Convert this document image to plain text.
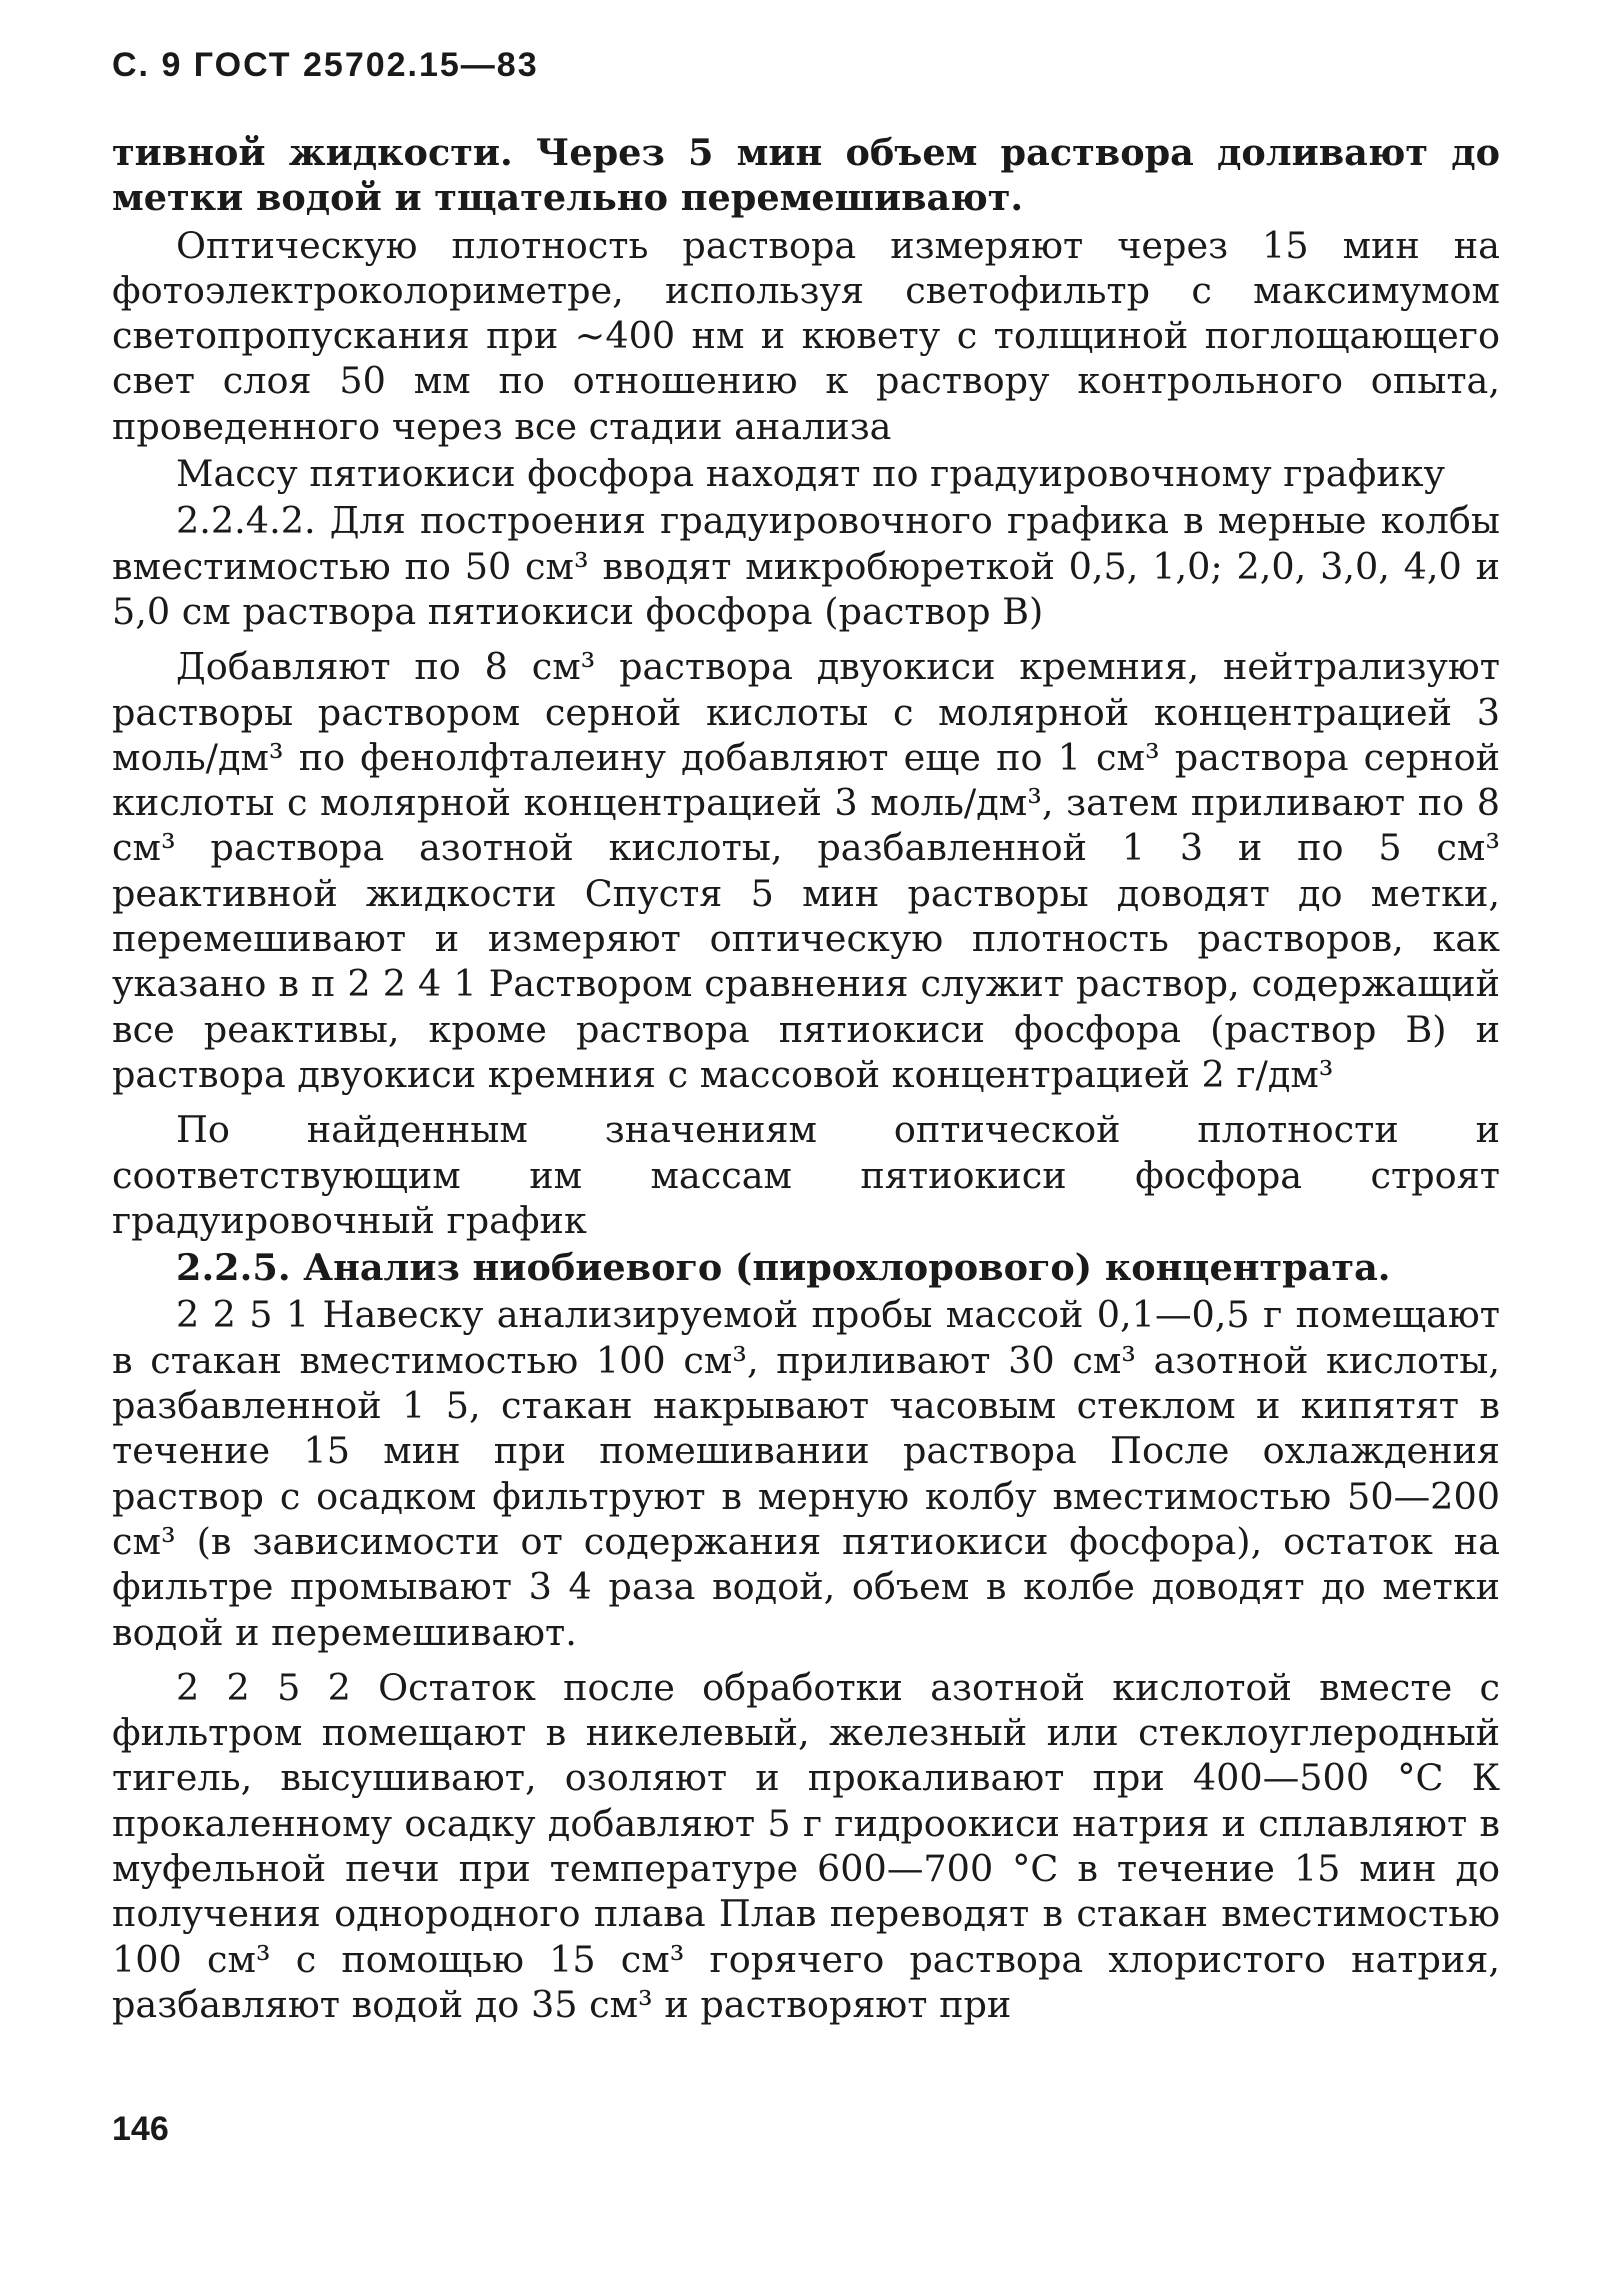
С. 9 ГОСТ 25702.15—83

тивной жидкости. Через 5 мин объем раствора доливают до метки водой и тщательно перемешивают.

Оптическую плотность раствора измеряют через 15 мин на фотоэлектроколориметре, используя светофильтр с максимумом светопропускания при ~400 нм и кювету с толщиной поглощающего свет слоя 50 мм по отношению к раствору контрольного опыта, проведенного через все стадии анализа

Массу пятиокиси фосфора находят по градуировочному графику

2.2.4.2. Для построения градуировочного графика в мерные колбы вместимостью по 50 см³ вводят микробюреткой 0,5, 1,0; 2,0, 3,0, 4,0 и 5,0 см раствора пятиокиси фосфора (раствор В)

Добавляют по 8 см³ раствора двуокиси кремния, нейтрализуют растворы раствором серной кислоты с молярной концентрацией 3 моль/дм³ по фенолфталеину добавляют еще по 1 см³ раствора серной кислоты с молярной концентрацией 3 моль/дм³, затем приливают по 8 см³ раствора азотной кислоты, разбавленной 1 3 и по 5 см³ реактивной жидкости Спустя 5 мин растворы доводят до метки, перемешивают и измеряют оптическую плотность растворов, как указано в п 2 2 4 1 Раствором сравнения служит раствор, содержащий все реактивы, кроме раствора пятиокиси фосфора (раствор В) и раствора двуокиси кремния с массовой концентрацией 2 г/дм³

По найденным значениям оптической плотности и соответствующим им массам пятиокиси фосфора строят градуировочный график

2.2.5. Анализ ниобиевого (пирохлорового) концентрата.

2 2 5 1 Навеску анализируемой пробы массой 0,1—0,5 г помещают в стакан вместимостью 100 см³, приливают 30 см³ азотной кислоты, разбавленной 1 5, стакан накрывают часовым стеклом и кипятят в течение 15 мин при помешивании раствора После охлаждения раствор с осадком фильтруют в мерную колбу вместимостью 50—200 см³ (в зависимости от содержания пятиокиси фосфора), остаток на фильтре промывают 3 4 раза водой, объем в колбе доводят до метки водой и перемешивают.

2 2 5 2 Остаток после обработки азотной кислотой вместе с фильтром помещают в никелевый, железный или стеклоуглеродный тигель, высушивают, озоляют и прокаливают при 400—500 °С К прокаленному осадку добавляют 5 г гидроокиси натрия и сплавляют в муфельной печи при температуре 600—700 °С в течение 15 мин до получения однородного плава Плав переводят в стакан вместимостью 100 см³ с помощью 15 см³ горячего раствора хлористого натрия, разбавляют водой до 35 см³ и растворяют при

146
